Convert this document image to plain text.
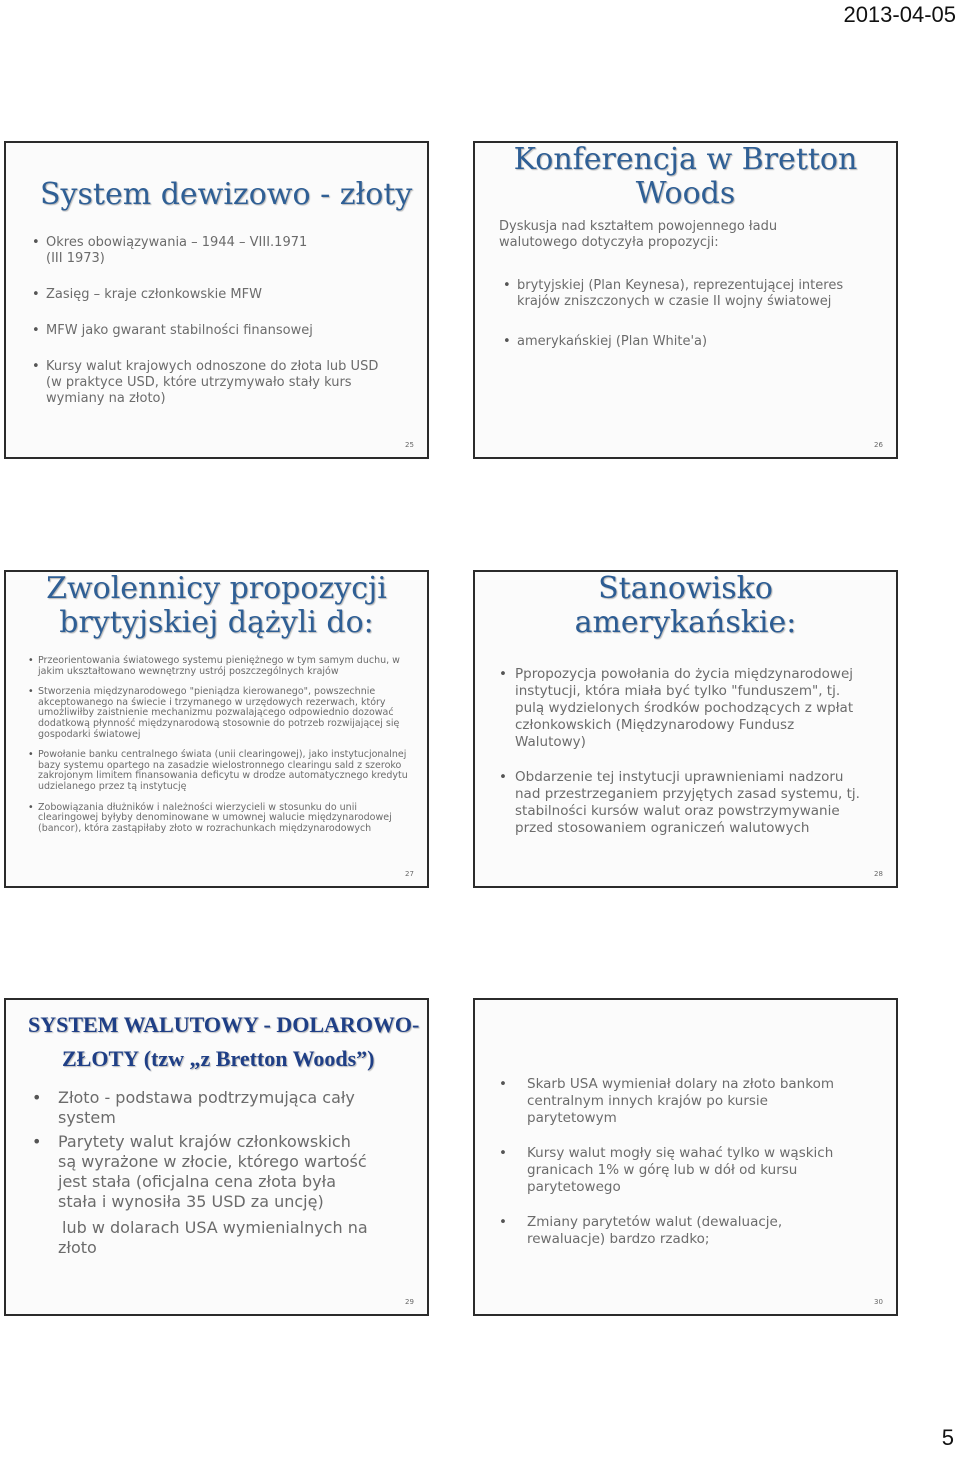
2013-04-05
System dewizowo - złoty
• Okres obowiązywania – 1944 – VIII.1971 (III 1973)
• Zasięg – kraje członkowskie MFW
• MFW jako gwarant stabilności finansowej
• Kursy walut krajowych odnoszone do złota lub USD (w praktyce USD, które utrzymywało stały kurs wymiany na złoto)
25
Konferencja w Bretton
Woods
Dyskusja nad kształtem powojennego ładu walutowego dotyczyła propozycji:
• brytyjskiej (Plan Keynesa), reprezentującej interes krajów zniszczonych w czasie II wojny światowej
• amerykańskiej (Plan White'a)
26
Zwolennicy propozycji
brytyjskiej dążyli do:
• Przeorientowania światowego systemu pieniężnego w tym samym duchu, w jakim ukształtowano wewnętrzny ustrój poszczególnych krajów
• Stworzenia międzynarodowego "pieniądza kierowanego", powszechnie akceptowanego na świecie i trzymanego w urzędowych rezerwach, który umożliwiłby zaistnienie mechanizmu pozwalającego odpowiednio dozować dodatkową płynność międzynarodową stosownie do potrzeb rozwijającej się gospodarki światowej
• Powołanie banku centralnego świata (unii clearingowej), jako instytucjonalnej bazy systemu opartego na zasadzie wielostronnego clearingu sald z szeroko zakrojonym limitem finansowania deficytu w drodze automatycznego kredytu udzielanego przez tą instytucję
• Zobowiązania dłużników i należności wierzycieli w stosunku do unii clearingowej byłyby denominowane w umownej walucie międzynarodowej (bancor), która zastąpiłaby złoto w rozrachunkach międzynarodowych
27
Stanowisko
amerykańskie:
• Ppropozycja powołania do życia międzynarodowej instytucji, która miała być tylko "funduszem", tj. pulą wydzielonych środków pochodzących z wpłat członkowskich (Międzynarodowy Fundusz Walutowy)
• Obdarzenie tej instytucji uprawnieniami nadzoru nad przestrzeganiem przyjętych zasad systemu, tj. stabilności kursów walut oraz powstrzymywanie przed stosowaniem ograniczeń walutowych
28
SYSTEM WALUTOWY - DOLAROWO-
ZŁOTY (tzw „z Bretton Woods”)
• Złoto - podstawa podtrzymująca cały system
• Parytety walut krajów członkowskich są wyrażone w złocie, którego wartość jest stała (oficjalna cena złota była stała i wynosiła 35 USD za uncję)
lub w dolarach USA wymienialnych na złoto
29
• Skarb USA wymieniał dolary na złoto bankom centralnym innych krajów po kursie parytetowym
• Kursy walut mogły się wahać tylko w wąskich granicach 1% w górę lub w dół od kursu parytetowego
• Zmiany parytetów walut (dewaluacje, rewaluacje) bardzo rzadko;
30
5
